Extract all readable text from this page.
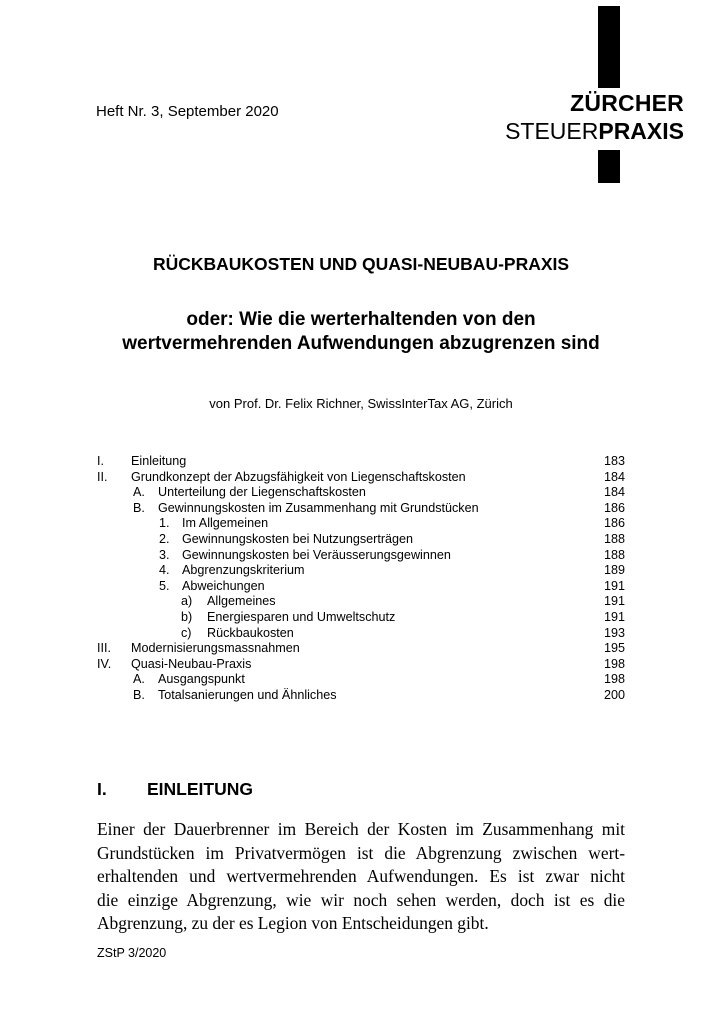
Heft Nr. 3, September 2020	ZÜRCHER
STEUERPRAXIS
RÜCKBAUKOSTEN UND QUASI-NEUBAU-PRAXIS
oder: Wie die werterhaltenden von den
wertvermehrenden Aufwendungen abzugrenzen sind
von Prof. Dr. Felix Richner, SwissInterTax AG, Zürich
I. Einleitung	183
II. Grundkonzept der Abzugsfähigkeit von Liegenschaftskosten	184
A. Unterteilung der Liegenschaftskosten	184
B. Gewinnungskosten im Zusammenhang mit Grundstücken	186
1. Im Allgemeinen	186
2. Gewinnungskosten bei Nutzungserträgen	188
3. Gewinnungskosten bei Veräusserungsgewinnen	188
4. Abgrenzungskriterium	189
5. Abweichungen	191
a) Allgemeines	191
b) Energiesparen und Umweltschutz	191
c) Rückbaukosten	193
III. Modernisierungsmassnahmen	195
IV. Quasi-Neubau-Praxis	198
A. Ausgangspunkt	198
B. Totalsanierungen und Ähnliches	200
I. EINLEITUNG
Einer der Dauerbrenner im Bereich der Kosten im Zusammenhang mit
Grundstücken im Privatvermögen ist die Abgrenzung zwischen wert-
erhaltenden und wertvermehrenden Aufwendungen. Es ist zwar nicht
die einzige Abgrenzung, wie wir noch sehen werden, doch ist es die
Abgrenzung, zu der es Legion von Entscheidungen gibt.
ZStP 3/2020
